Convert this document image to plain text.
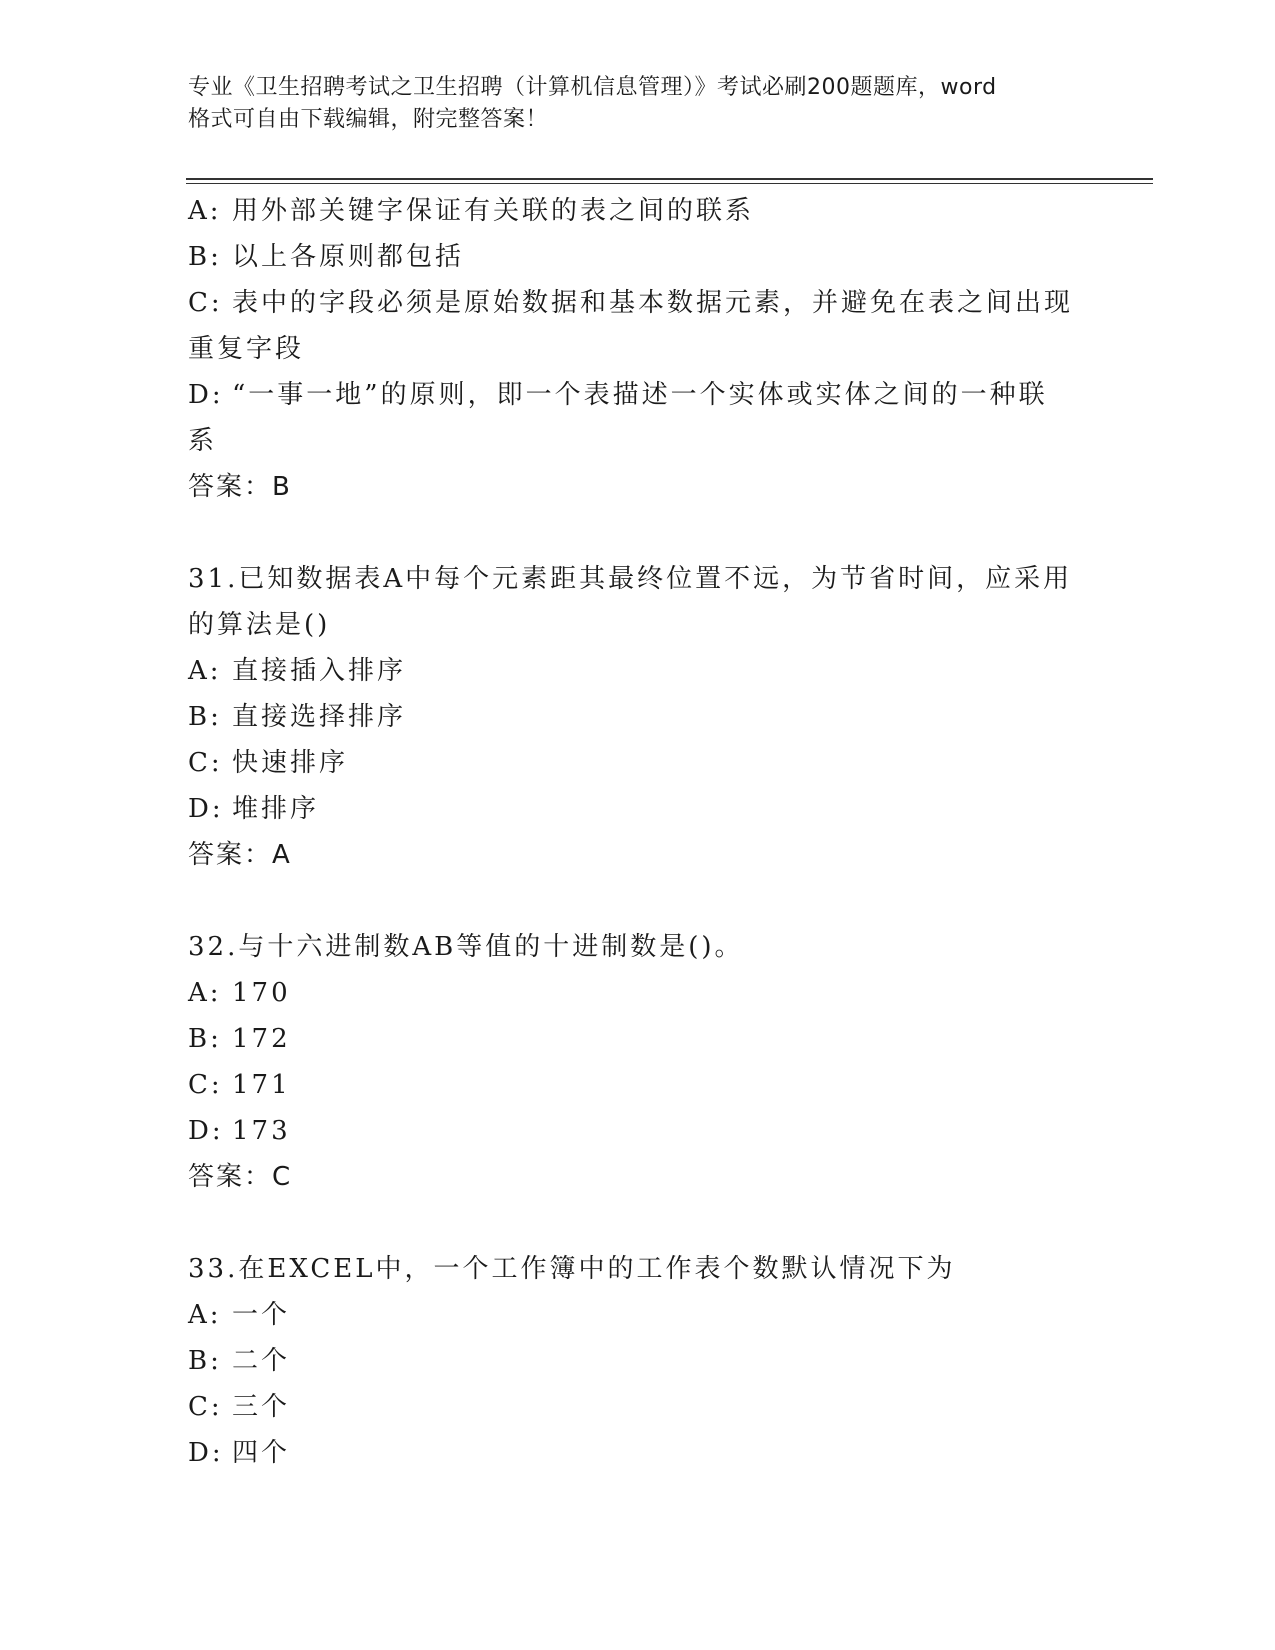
专业《卫生招聘考试之卫生招聘（计算机信息管理）》考试必刷200题题库，word
格式可自由下载编辑，附完整答案！
A: 用外部关键字保证有关联的表之间的联系
B: 以上各原则都包括
C: 表中的字段必须是原始数据和基本数据元素，并避免在表之间出现
重复字段
D: “一事一地”的原则，即一个表描述一个实体或实体之间的一种联
系
答案：B
31.已知数据表A中每个元素距其最终位置不远，为节省时间，应采用
的算法是()
A: 直接插入排序
B: 直接选择排序
C: 快速排序
D: 堆排序
答案：A
32.与十六进制数AB等值的十进制数是()。
A: 170
B: 172
C: 171
D: 173
答案：C
33.在EXCEL中，一个工作簿中的工作表个数默认情况下为
A: 一个
B: 二个
C: 三个
D: 四个
